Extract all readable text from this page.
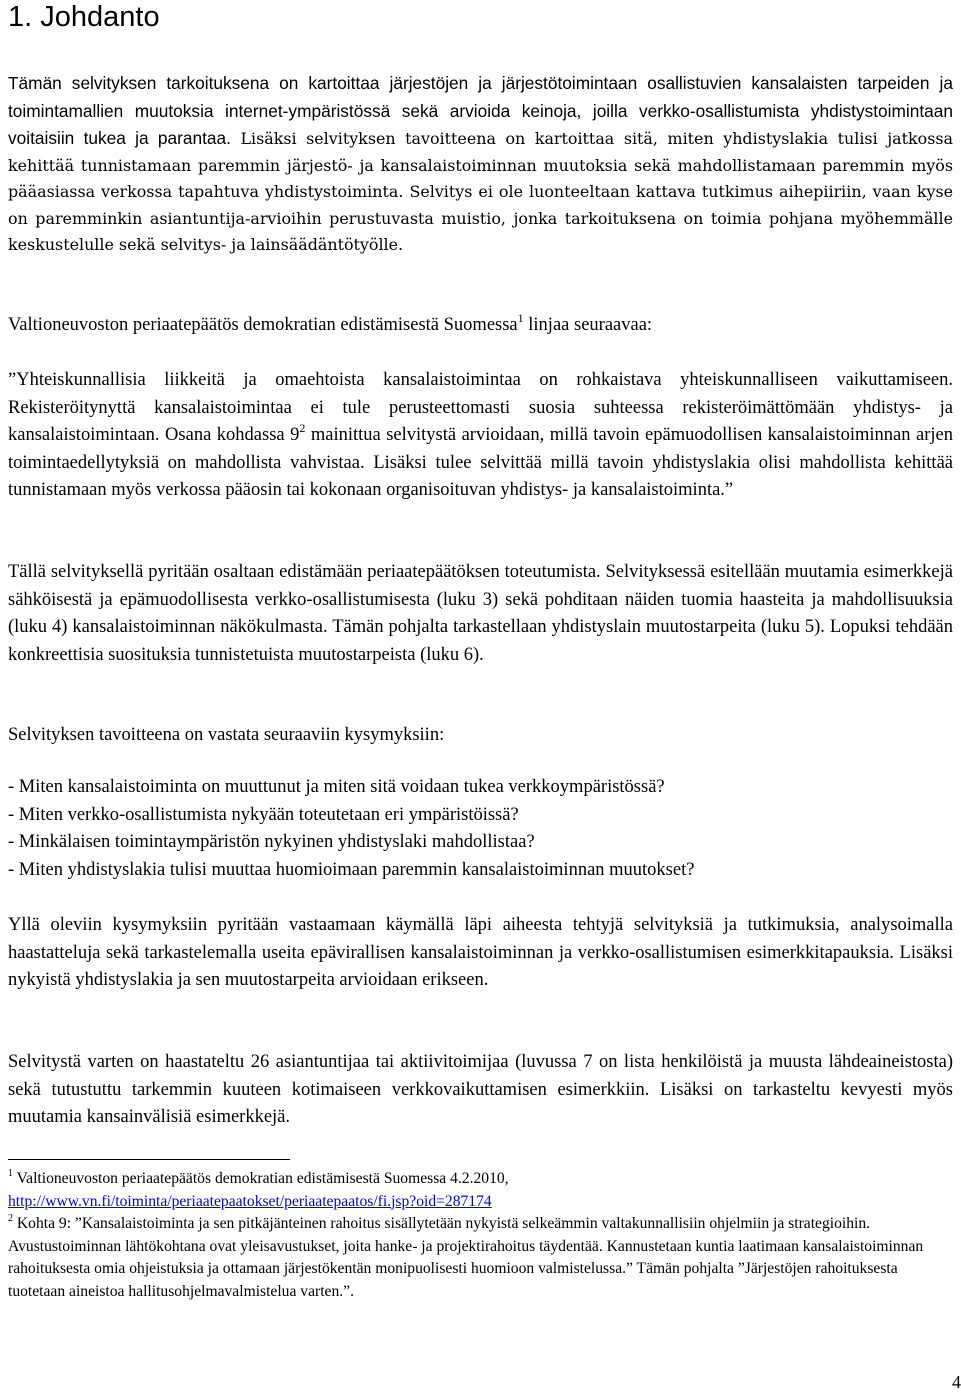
1. Johdanto

Tämän selvityksen tarkoituksena on kartoittaa järjestöjen ja järjestötoimintaan osallistuvien kansalaisten tarpeiden ja toimintamallien muutoksia internet-ympäristössä sekä arvioida keinoja, joilla verkko-osallistumista yhdistystoimintaan voitaisiin tukea ja parantaa. Lisäksi selvityksen tavoitteena on kartoittaa sitä, miten yhdistyslakia tulisi jatkossa kehittää tunnistamaan paremmin järjestö- ja kansalaistoiminnan muutoksia sekä mahdollistamaan paremmin myös pääasiassa verkossa tapahtuva yhdistystoiminta. Selvitys ei ole luonteeltaan kattava tutkimus aihepiiriin, vaan kyse on paremminkin asiantuntija-arvioihin perustuvasta muistio, jonka tarkoituksena on toimia pohjana myöhemmälle keskustelulle sekä selvitys- ja lainsäädäntötyölle.

Valtioneuvoston periaatepäätös demokratian edistämisestä Suomessa$^1$ linjaa seuraavaa:

”Yhteiskunnallisia liikkeitä ja omaehtoista kansalaistoimintaa on rohkaistava yhteiskunnalliseen vaikuttamiseen. Rekisteröitynyttä kansalaistoimintaa ei tule perusteettomasti suosia suhteessa rekisteröimättömään yhdistys- ja kansalaistoimintaan. Osana kohdassa $9^2$ mainittua selvitystä arvioidaan, millä tavoin epämuodollisen kansalaistoiminnan arjen toimintaedellytyksiä on mahdollista vahvistaa. Lisäksi tulee selvittää millä tavoin yhdistyslakia olisi mahdollista kehittää tunnistamaan myös verkossa pääosin tai kokonaan organisoituvan yhdistys- ja kansalaistoiminta.”

Tällä selvityksellä pyritään osaltaan edistämään periaatepäätöksen toteutumista. Selvityksessä esitellään muutamia esimerkkejä sähköisestä ja epämuodollisesta verkko-osallistumisesta (luku 3) sekä pohditaan näiden tuomia haasteita ja mahdollisuuksia (luku 4) kansalaistoiminnan näkökulmasta. Tämän pohjalta tarkastellaan yhdistyslain muutostarpeita (luku 5). Lopuksi tehdään konkreettisia suosituksia tunnistetuista muutostarpeista (luku 6).

Selvityksen tavoitteena on vastata seuraaviin kysymyksiin:

- Miten kansalaistoiminta on muuttunut ja miten sitä voidaan tukea verkkoympäristössä?
- Miten verkko-osallistumista nykyään toteutetaan eri ympäristöissä?
- Minkälaisen toimintaympäristön nykyinen yhdistyslaki mahdollistaa?
- Miten yhdistyslakia tulisi muuttaa huomioimaan paremmin kansalaistoiminnan muutokset?

Yllä oleviin kysymyksiin pyritään vastaamaan käymällä läpi aiheesta tehtyjä selvityksiä ja tutkimuksia, analysoimalla haastatteluja sekä tarkastelemalla useita epävirallisen kansalaistoiminnan ja verkko-osallistumisen esimerkkitapauksia. Lisäksi nykyistä yhdistyslakia ja sen muutostarpeita arvioidaan erikseen.

Selvitystä varten on haastateltu 26 asiantuntijaa tai aktiivitoimijaa (luvussa 7 on lista henkilöistä ja muusta lähdeaineistosta) sekä tutustuttu tarkemmin kuuteen kotimaiseen verkkovaikuttamisen esimerkkiin. Lisäksi on tarkasteltu kevyesti myös muutamia kansainvälisiä esimerkkejä.

$^1$ Valtioneuvoston periaatepäätös demokratian edistämisestä Suomessa 4.2.2010,
http://www.vn.fi/toiminta/periaatepaatokset/periaatepaatos/fi.jsp?oid=287174

$^2$ Kohta 9: ”Kansalaistoiminta ja sen pitkäjänteinen rahoitus sisällytetään nykyistä selkeämmin valtakunnallisiin ohjelmiin ja strategioihin. Avustustoiminnan lähtökohtana ovat yleisavustukset, joita hanke- ja projektirahoitus täydentää. Kannustetaan kuntia laatimaan kansalaistoiminnan rahoituksesta omia ohjeistuksia ja ottamaan järjestökentän monipuolisesti huomioon valmistelussa.” Tämän pohjalta ”Järjestöjen rahoituksesta tuotetaan aineistoa hallitusohjelmavalmistelua varten.”.

4
